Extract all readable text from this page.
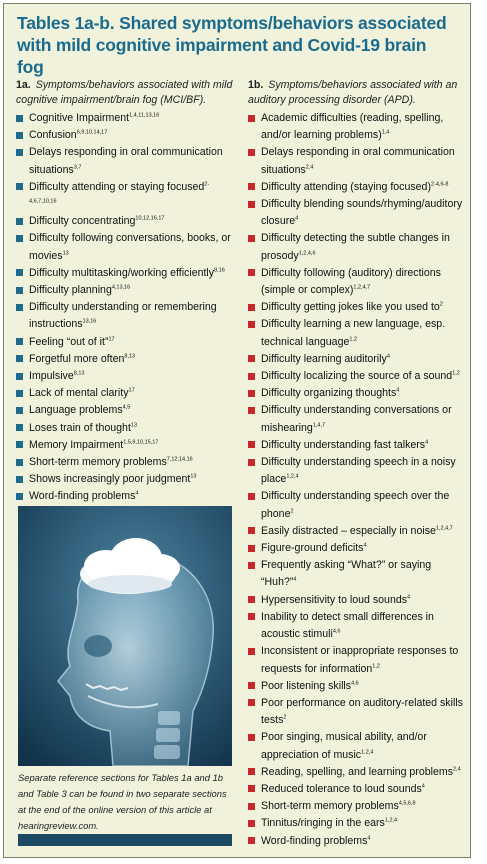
Tables 1a-b. Shared symptoms/behaviors associated with mild cognitive impairment and Covid-19 brain fog

1a. Symptoms/behaviors associated with mild cognitive impairment/brain fog (MCI/BF).

Cognitive Impairment$^{1,4,11,13,16}$
Confusion$^{6,9,10,14,17}$
Delays responding in oral communication situations$^{3,7}$
Difficulty attending or staying focused$^{2-4,6,7,10,16}$
Difficulty concentrating$^{10,12,16,17}$
Difficulty following conversations, books, or movies$^{13}$
Difficulty multitasking/working efficiently$^{8,16}$
Difficulty planning$^{4,13,16}$
Difficulty understanding or remembering instructions$^{13,16}$
Feeling “out of it”$^{17}$
Forgetful more often$^{8,13}$
Impulsive$^{8,13}$
Lack of mental clarity$^{17}$
Language problems$^{4,5}$
Loses train of thought$^{13}$
Memory Impairment$^{1,5,9,10,15,17}$
Short-term memory problems$^{7,12,14,16}$
Shows increasingly poor judgment$^{13}$
Word-finding problems$^4$

1b. Symptoms/behaviors associated with an auditory processing disorder (APD).

Academic difficulties (reading, spelling, and/or learning problems)$^{1,4}$
Delays responding in oral communication situations$^{2,4}$
Difficulty attending (staying focused)$^{2-4,6-8}$
Difficulty blending sounds/rhyming/auditory closure$^4$
Difficulty detecting the subtle changes in prosody$^{1,2,4,6}$
Difficulty following (auditory) directions (simple or complex)$^{1,2,4,7}$
Difficulty getting jokes like you used $to^2$
Difficulty learning a new language, esp. technical language$^{1,2}$
Difficulty learning auditorily$^4$
Difficulty localizing the source of a sound$^{1,2}$
Difficulty organizing thoughts$^4$
Difficulty understanding conversations or mishearing$^{1,4,7}$
Difficulty understanding fast talkers$^4$
Difficulty understanding speech in a noisy place$^{1,2,4}$
Difficulty understanding speech over the phone$^2$
Easily distracted – especially in noise$^{1,2,4,7}$
Figure-ground deficits$^4$
Frequently asking “What?” or saying “Huh?”$^4$
Hypersensitivity to loud sounds$^4$
Inability to detect small differences in acoustic stimuli$^{4,6}$
Inconsistent or inappropriate responses to requests for information$^{1,2}$
Poor listening skills$^{4,6}$
Poor performance on auditory-related skills tests$^2$
Poor singing, musical ability, and/or appreciation of music$^{1,2,4}$
Reading, spelling, and learning problems$^{2,4}$
Reduced tolerance to loud sounds$^4$
Short-term memory problems$^{4,5,6,8}$
Tinnitus/ringing in the ears$^{1,2,4}$
Word-finding problems$^4$

Separate reference sections for Tables 1a and 1b and Table 3 can be found in two separate sections at the end of the online version of this article at hearingreview.com.
